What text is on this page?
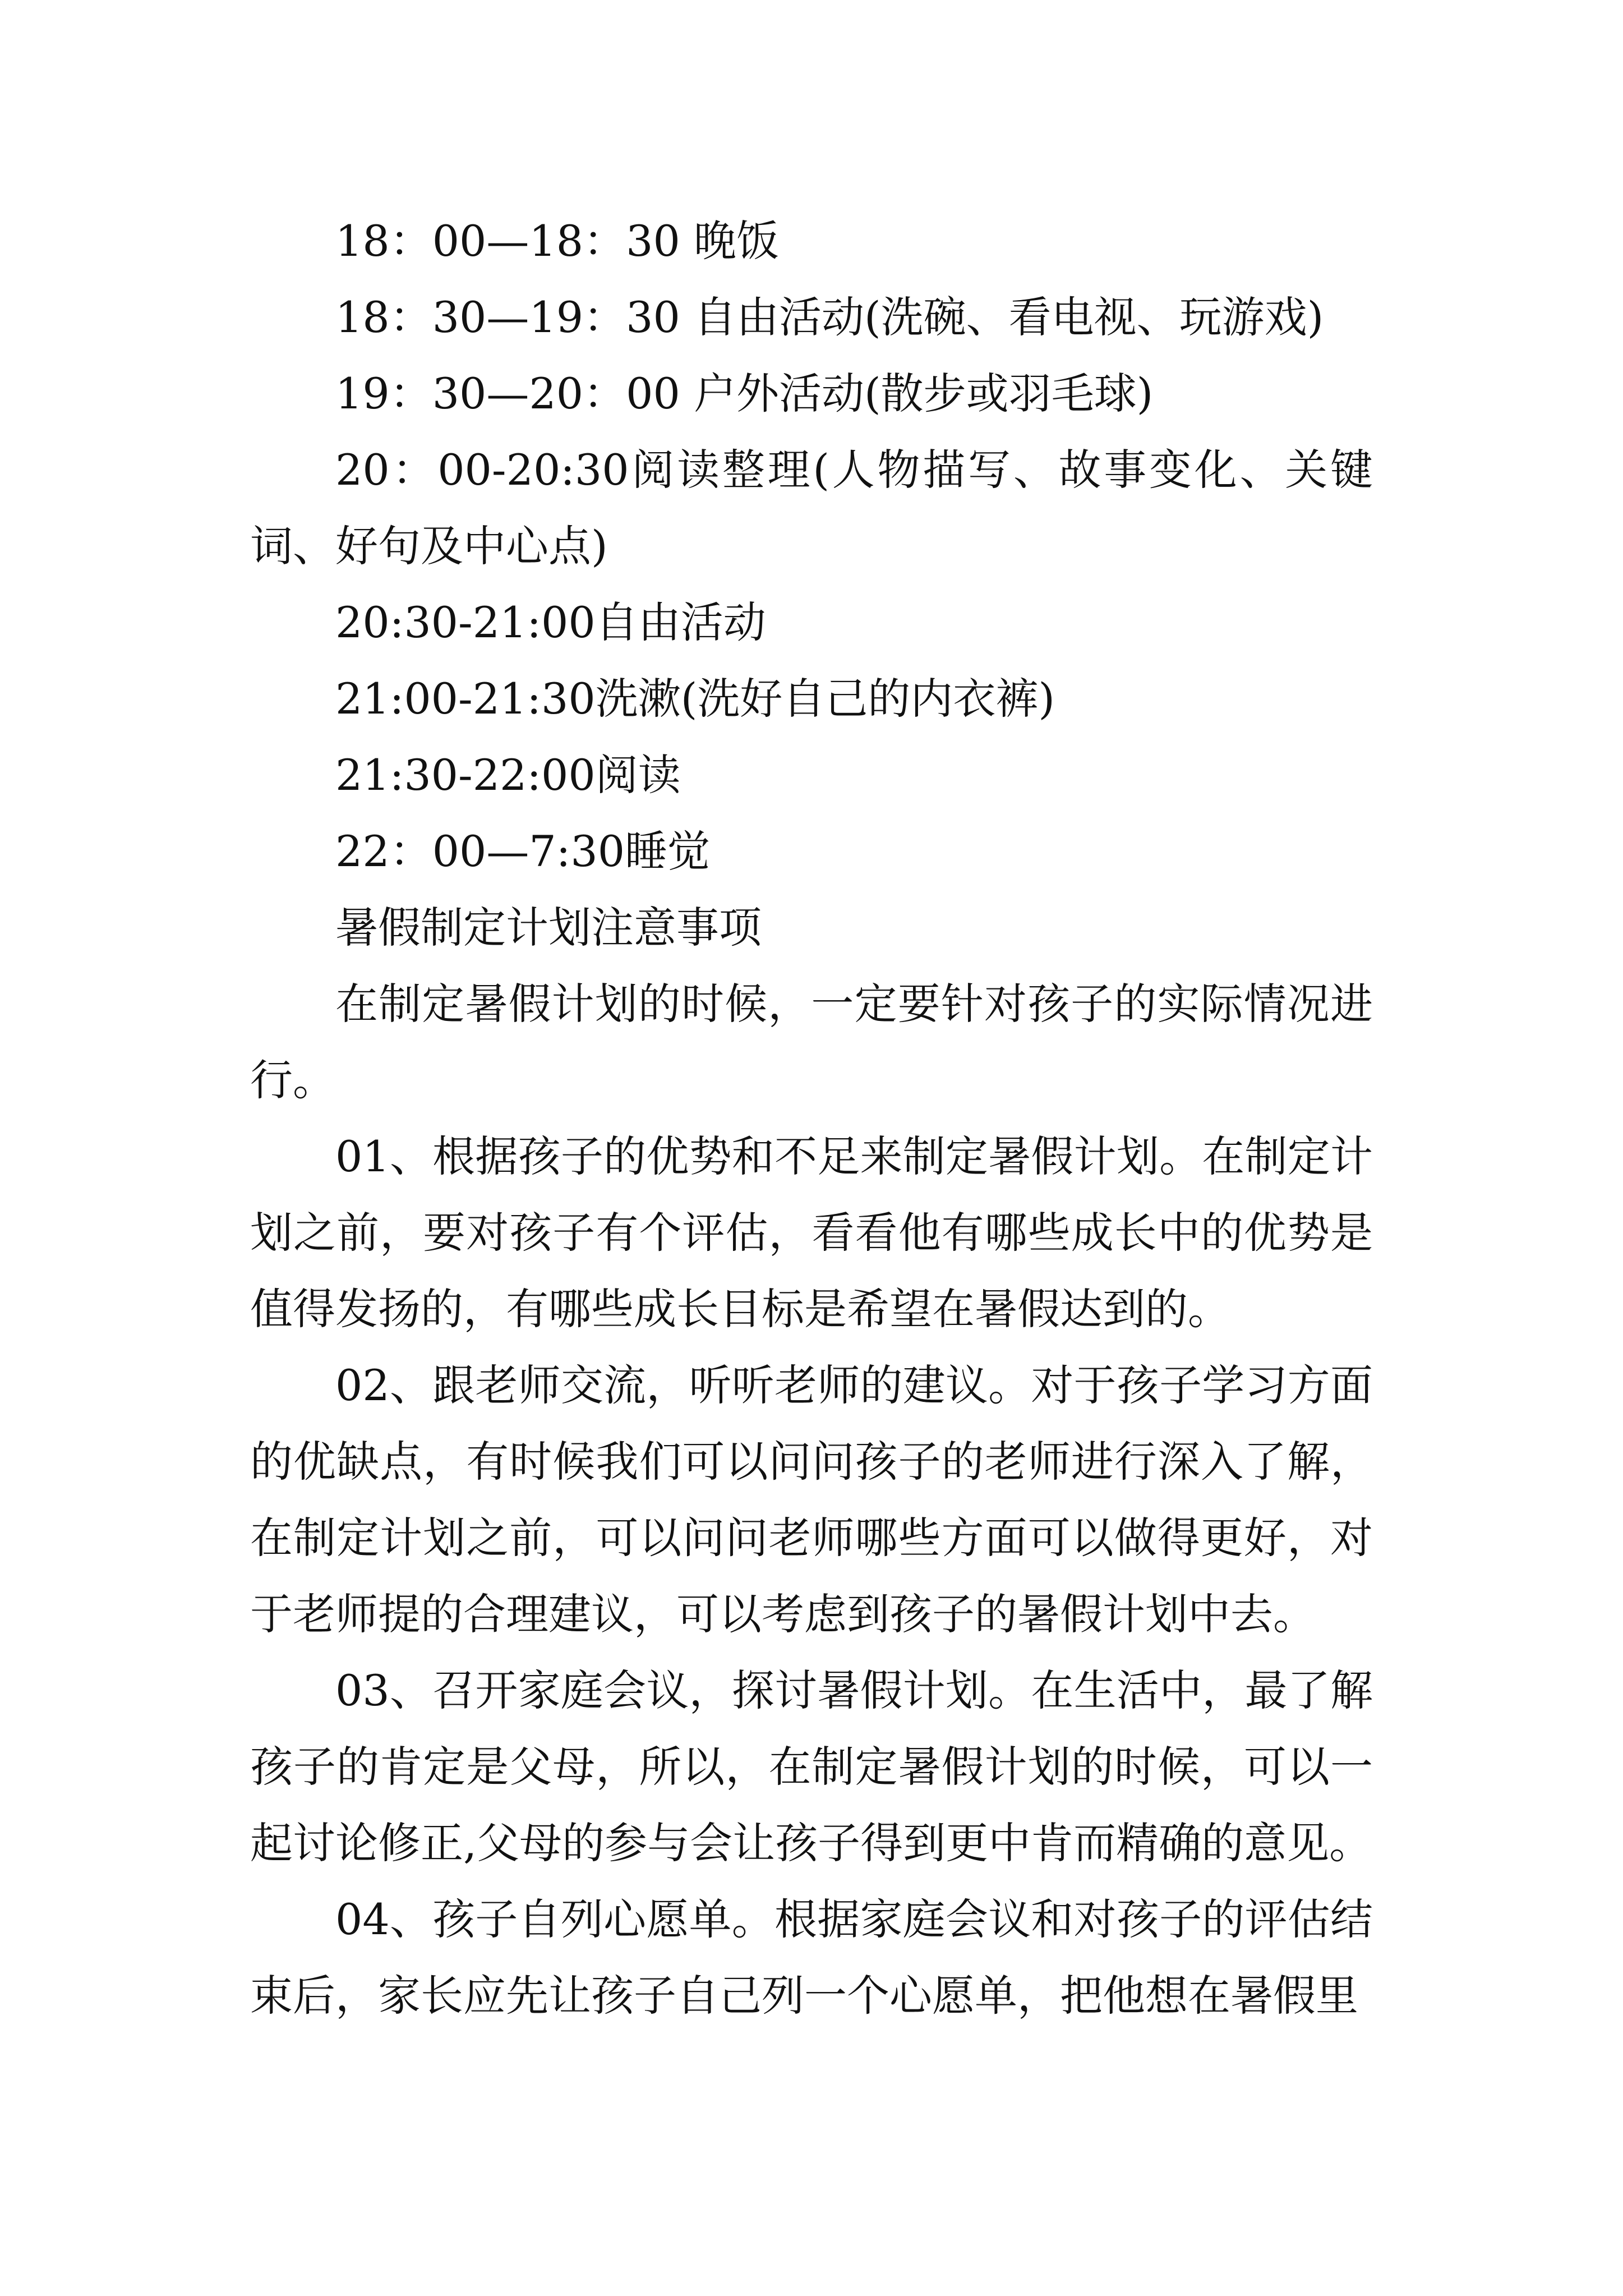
18：00—18：30 晚饭

18：30—19：30 自由活动(洗碗、看电视、玩游戏)

19：30—20：00 户外活动(散步或羽毛球)

20：00-20:30阅读整理(人物描写、故事变化、关键词、好句及中心点)

20:30-21:00自由活动

21:00-21:30洗漱(洗好自己的内衣裤)

21:30-22:00阅读

22：00—7:30睡觉

暑假制定计划注意事项

在制定暑假计划的时候，一定要针对孩子的实际情况进行。

01、根据孩子的优势和不足来制定暑假计划。在制定计划之前，要对孩子有个评估，看看他有哪些成长中的优势是值得发扬的，有哪些成长目标是希望在暑假达到的。

02、跟老师交流，听听老师的建议。对于孩子学习方面的优缺点，有时候我们可以问问孩子的老师进行深入了解，在制定计划之前，可以问问老师哪些方面可以做得更好，对于老师提的合理建议，可以考虑到孩子的暑假计划中去。

03、召开家庭会议，探讨暑假计划。在生活中，最了解孩子的肯定是父母，所以，在制定暑假计划的时候，可以一起讨论修正,父母的参与会让孩子得到更中肯而精确的意见。

04、孩子自列心愿单。根据家庭会议和对孩子的评估结束后，家长应先让孩子自己列一个心愿单，把他想在暑假里
